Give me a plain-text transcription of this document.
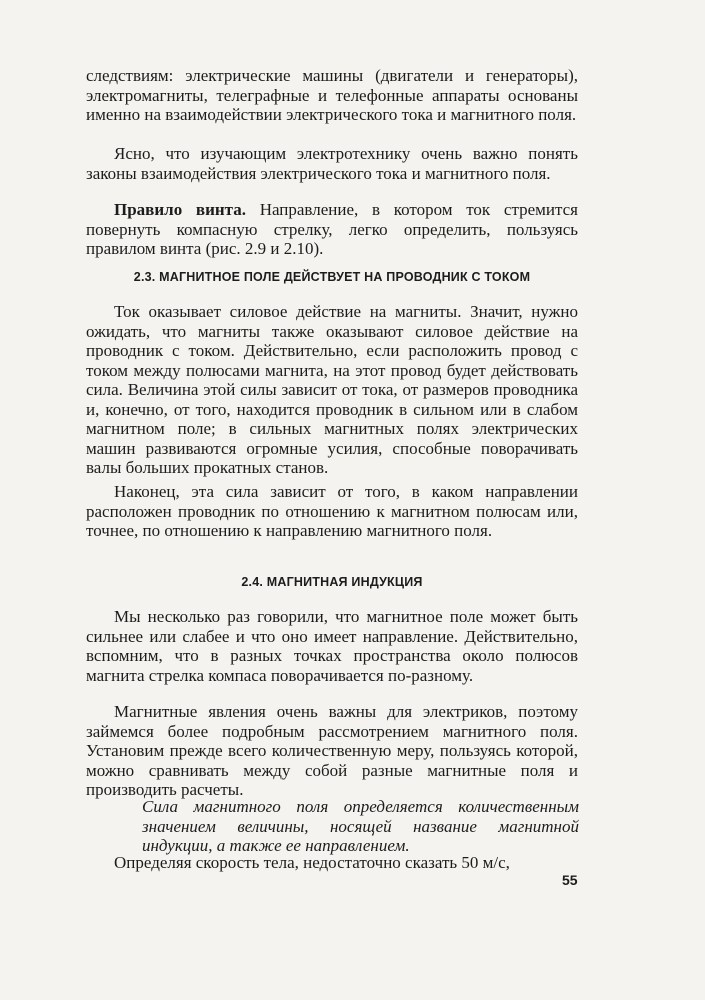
следствиям: электрические машины (двигатели и генераторы), электромагниты, телеграфные и телефонные аппараты основаны именно на взаимодействии электрического тока и магнитного поля.

Ясно, что изучающим электротехнику очень важно понять законы взаимодействия электрического тока и магнитного поля.

Правило винта. Направление, в котором ток стремится повернуть компасную стрелку, легко определить, пользуясь правилом винта (рис. 2.9 и 2.10).

2.3. МАГНИТНОЕ ПОЛЕ ДЕЙСТВУЕТ НА ПРОВОДНИК С ТОКОМ

Ток оказывает силовое действие на магниты. Значит, нужно ожидать, что магниты также оказывают силовое действие на проводник с током. Действительно, если расположить провод с током между полюсами магнита, на этот провод будет действовать сила. Величина этой силы зависит от тока, от размеров проводника и, конечно, от того, находится проводник в сильном или в слабом магнитном поле; в сильных магнитных полях электрических машин развиваются огромные усилия, способные поворачивать валы больших прокатных станов.

Наконец, эта сила зависит от того, в каком направлении расположен проводник по отношению к магнитном полюсам или, точнее, по отношению к направлению магнитного поля.

2.4. МАГНИТНАЯ ИНДУКЦИЯ

Мы несколько раз говорили, что магнитное поле может быть сильнее или слабее и что оно имеет направление. Действительно, вспомним, что в разных точках пространства около полюсов магнита стрелка компаса поворачивается по-разному.

Магнитные явления очень важны для электриков, поэтому займемся более подробным рассмотрением магнитного поля. Установим прежде всего количественную меру, пользуясь которой, можно сравнивать между собой разные магнитные поля и производить расчеты.

Сила магнитного поля определяется количественным значением величины, носящей название магнитной индукции, а также ее направлением.

Определяя скорость тела, недостаточно сказать 50 м/с,

55
